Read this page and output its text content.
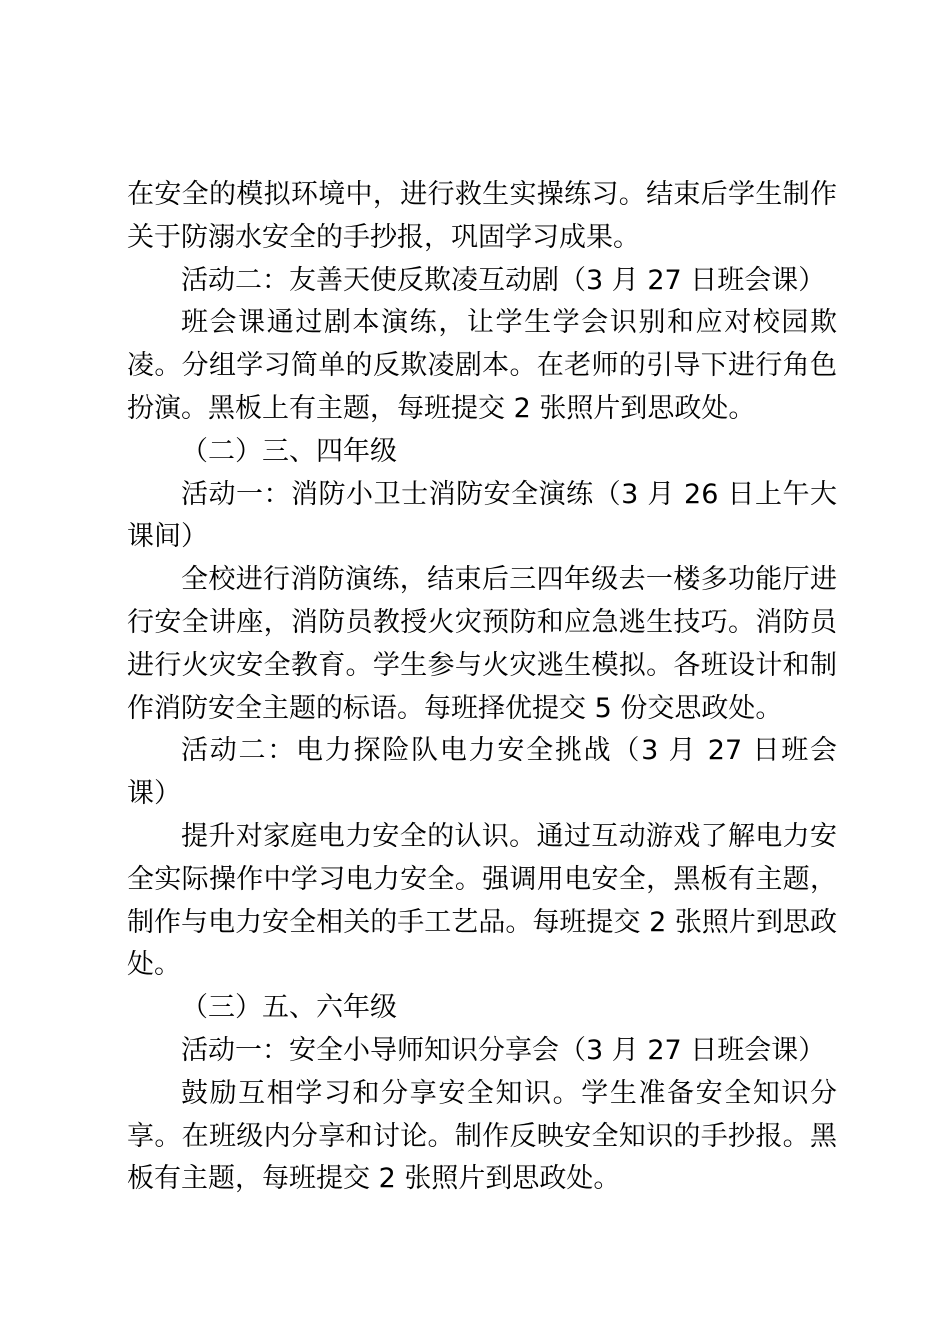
在安全的模拟环境中，进行救生实操练习。结束后学生制作关于防溺水安全的手抄报，巩固学习成果。

活动二：友善天使反欺凌互动剧（3 月 27 日班会课）

班会课通过剧本演练，让学生学会识别和应对校园欺凌。分组学习简单的反欺凌剧本。在老师的引导下进行角色扮演。黑板上有主题，每班提交 2 张照片到思政处。

（二）三、四年级

活动一：消防小卫士消防安全演练（3 月 26 日上午大课间）

全校进行消防演练，结束后三四年级去一楼多功能厅进行安全讲座，消防员教授火灾预防和应急逃生技巧。消防员进行火灾安全教育。学生参与火灾逃生模拟。各班设计和制作消防安全主题的标语。每班择优提交 5 份交思政处。

活动二：电力探险队电力安全挑战（3 月 27 日班会课）

提升对家庭电力安全的认识。通过互动游戏了解电力安全实际操作中学习电力安全。强调用电安全，黑板有主题，制作与电力安全相关的手工艺品。每班提交 2 张照片到思政处。

（三）五、六年级

活动一：安全小导师知识分享会（3 月 27 日班会课）

鼓励互相学习和分享安全知识。学生准备安全知识分享。在班级内分享和讨论。制作反映安全知识的手抄报。黑板有主题，每班提交 2 张照片到思政处。
